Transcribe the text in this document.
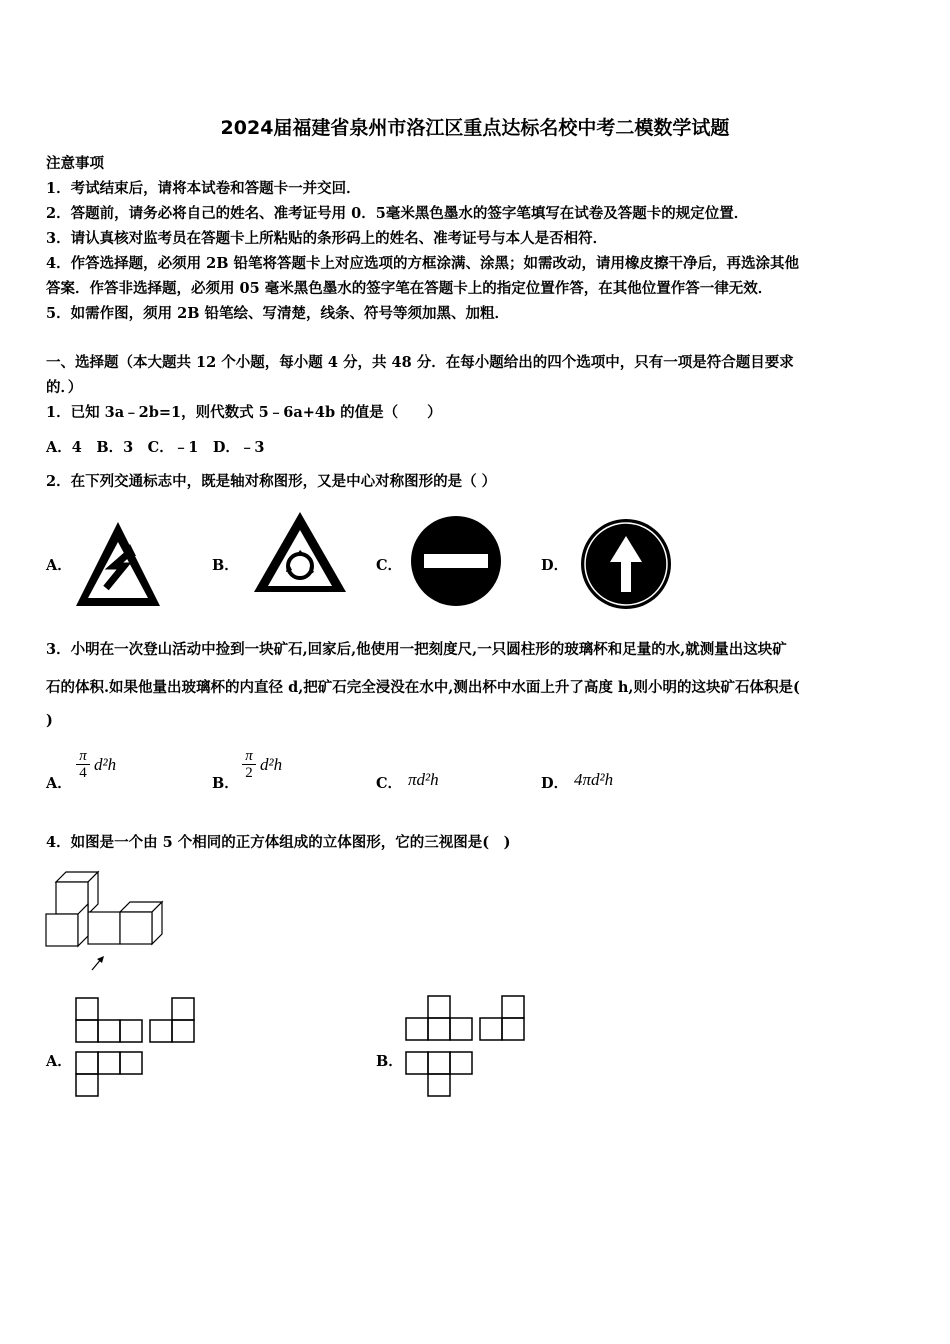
2024届福建省泉州市洛江区重点达标名校中考二模数学试题
注意事项
1．考试结束后，请将本试卷和答题卡一并交回．
2．答题前，请务必将自己的姓名、准考证号用 0．5毫米黑色墨水的签字笔填写在试卷及答题卡的规定位置．
3．请认真核对监考员在答题卡上所粘贴的条形码上的姓名、准考证号与本人是否相符．
4．作答选择题，必须用 2B 铅笔将答题卡上对应选项的方框涂满、涂黑；如需改动，请用橡皮擦干净后，再选涂其他
答案．作答非选择题，必须用 05 毫米黑色墨水的签字笔在答题卡上的指定位置作答，在其他位置作答一律无效．
5．如需作图，须用 2B 铅笔绘、写清楚，线条、符号等须加黑、加粗．
一、选择题（本大题共 12 个小题，每小题 4 分，共 48 分．在每小题给出的四个选项中，只有一项是符合题目要求
的．）
1．已知 3a﹣2b=1，则代数式 5﹣6a+4b 的值是（　　）
A．4　B．3　C．﹣1　D．﹣3
2．在下列交通标志中，既是轴对称图形，又是中心对称图形的是（ ）
A．	B．	C．	D．
3．小明在一次登山活动中捡到一块矿石,回家后,他使用一把刻度尺,一只圆柱形的玻璃杯和足量的水,就测量出这块矿
石的体积.如果他量出玻璃杯的内直径 d,把矿石完全浸没在水中,测出杯中水面上升了高度 h,则小明的这块矿石体积是(
)
A．
$\frac{\pi}{4} d^2h$
B．
$\frac{\pi}{2} d^2h$
C． πd²h	D． 4πd²h
4．如图是一个由 5 个相同的正方体组成的立体图形，它的三视图是(　)
A．	B．
